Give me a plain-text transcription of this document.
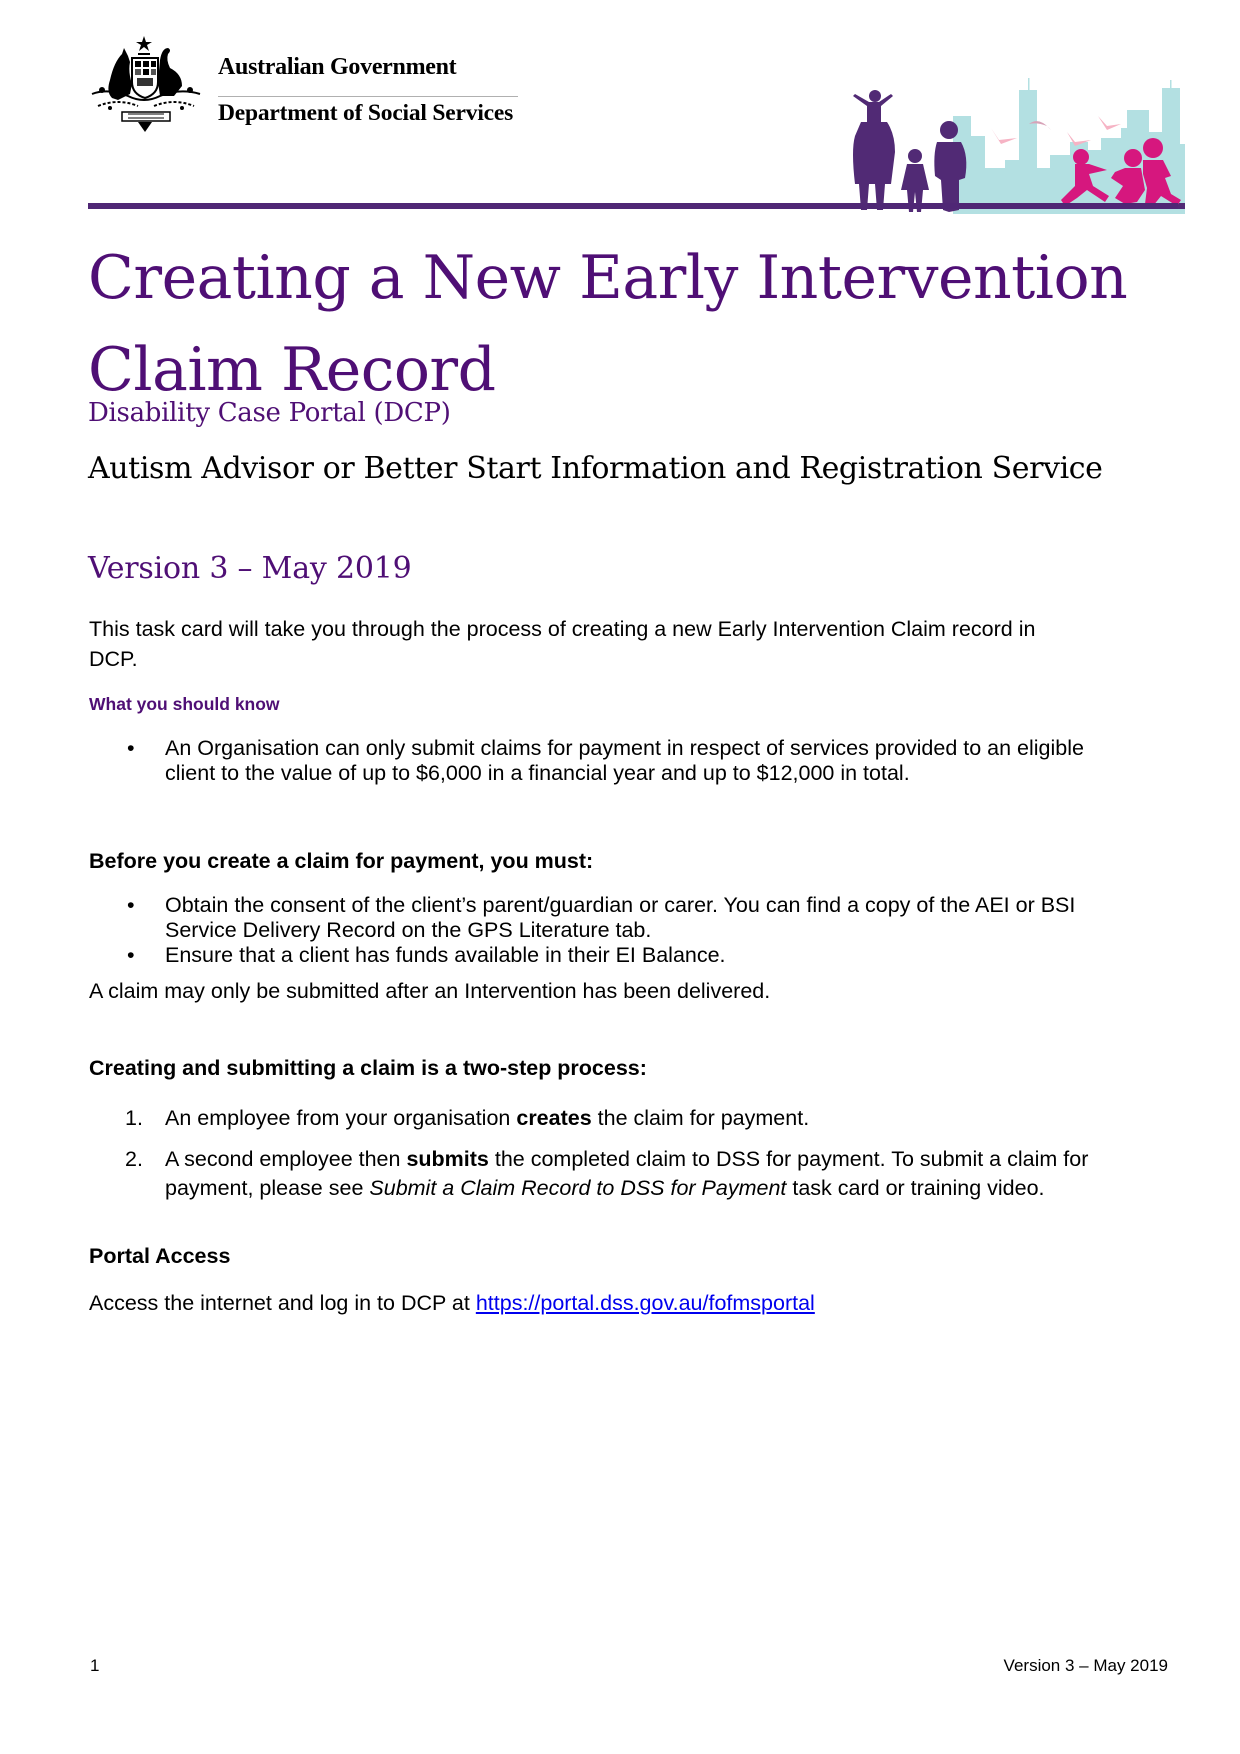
Australian Government
Department of Social Services
Creating a New Early Intervention Claim Record
Disability Case Portal (DCP)
Autism Advisor or Better Start Information and Registration Service
Version 3 – May 2019
This task card will take you through the process of creating a new Early Intervention Claim record in DCP.
What you should know
• An Organisation can only submit claims for payment in respect of services provided to an eligible client to the value of up to $6,000 in a financial year and up to $12,000 in total.
Before you create a claim for payment, you must:
• Obtain the consent of the client’s parent/guardian or carer. You can find a copy of the AEI or BSI Service Delivery Record on the GPS Literature tab.
• Ensure that a client has funds available in their EI Balance.
A claim may only be submitted after an Intervention has been delivered.
Creating and submitting a claim is a two-step process:
1. An employee from your organisation creates the claim for payment.
2. A second employee then submits the completed claim to DSS for payment. To submit a claim for payment, please see Submit a Claim Record to DSS for Payment task card or training video.
Portal Access
Access the internet and log in to DCP at https://portal.dss.gov.au/fofmsportal
1	Version 3 – May 2019
